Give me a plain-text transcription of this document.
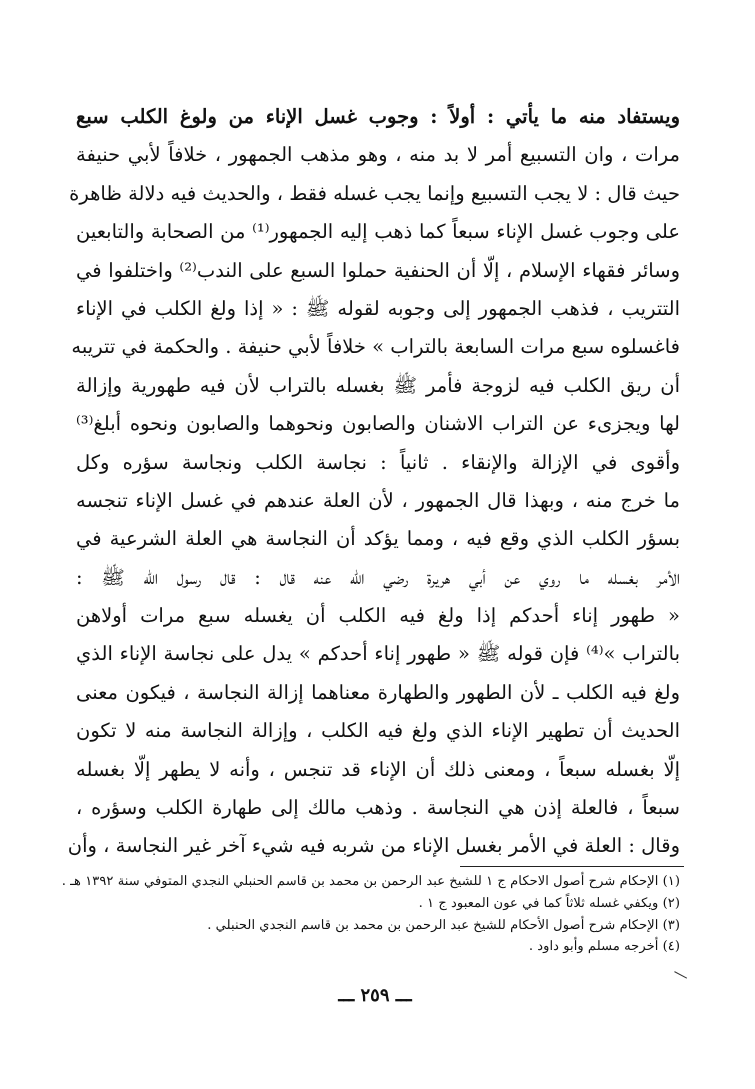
ويستفاد منه ما يأتي : أولاً : وجوب غسل الإناء من ولوغ الكلب سبع
مرات ، وان التسبيع أمر لا بد منه ، وهو مذهب الجمهور ، خلافاً لأبي حنيفة
حيث قال : لا يجب التسبيع وإنما يجب غسله فقط ، والحديث فيه دلالة ظاهرة
على وجوب غسل الإناء سبعاً كما ذهب إليه الجمهور⁽¹⁾ من الصحابة والتابعين
وسائر فقهاء الإسلام ، إلّا أن الحنفية حملوا السبع على الندب⁽²⁾ واختلفوا في
التتريب ، فذهب الجمهور إلى وجوبه لقوله ﷺ : « إذا ولغ الكلب في الإناء
فاغسلوه سبع مرات السابعة بالتراب » خلافاً لأبي حنيفة . والحكمة في تتريبه
أن ريق الكلب فيه لزوجة فأمر ﷺ بغسله بالتراب لأن فيه طهورية وإزالة
لها ويجزىء عن التراب الاشنان والصابون ونحوهما والصابون ونحوه أبلغ⁽³⁾
وأقوى في الإزالة والإنقاء . ثانياً : نجاسة الكلب ونجاسة سؤره وكل
ما خرج منه ، وبهذا قال الجمهور ، لأن العلة عندهم في غسل الإناء تنجسه
بسؤر الكلب الذي وقع فيه ، ومما يؤكد أن النجاسة هي العلة الشرعية في
الأمر بغسله ما روي عن أبي هريرة رضي الله عنه قال : قال رسول الله ﷺ :
« طهور إناء أحدكم إذا ولغ فيه الكلب أن يغسله سبع مرات أولاهن
بالتراب »⁽⁴⁾ فإن قوله ﷺ « طهور إناء أحدكم » يدل على نجاسة الإناء الذي
ولغ فيه الكلب ـ لأن الطهور والطهارة معناهما إزالة النجاسة ، فيكون معنى
الحديث أن تطهير الإناء الذي ولغ فيه الكلب ، وإزالة النجاسة منه لا تكون
إلّا بغسله سبعاً ، ومعنى ذلك أن الإناء قد تنجس ، وأنه لا يطهر إلّا بغسله
سبعاً ، فالعلة إذن هي النجاسة . وذهب مالك إلى طهارة الكلب وسؤره ،
وقال : العلة في الأمر بغسل الإناء من شربه فيه شيء آخر غير النجاسة ، وأن
(١) الإحكام شرح أصول الاحكام ج ١ للشيخ عبد الرحمن بن محمد بن قاسم الحنبلي النجدي المتوفي سنة ١٣٩٢ هـ .
(٢) ويكفي غسله ثلاثاً كما في عون المعبود ج ١ .
(٣) الإحكام شرح أصول الأحكام للشيخ عبد الرحمن بن محمد بن قاسم النجدي الحنبلي .
(٤) أخرجه مسلم وأبو داود .
ـــ ٢٥٩ ـــ
